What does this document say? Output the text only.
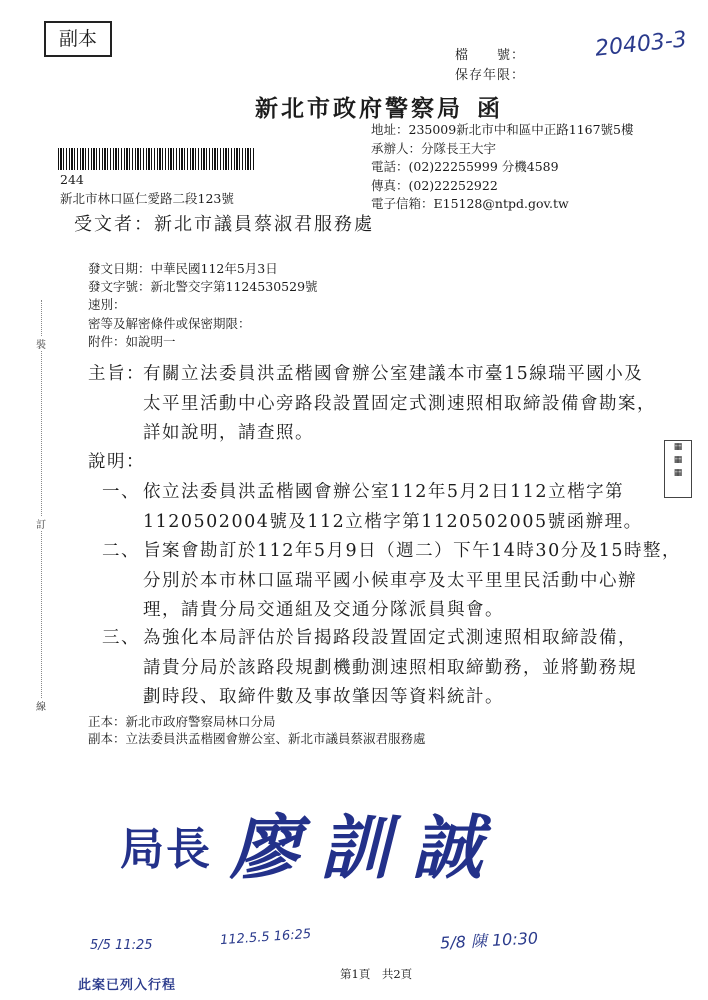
副本
檔　　號：
保存年限：
20403-3
新北市政府警察局 函
地址：235009新北市中和區中正路1167號5樓
承辦人：分隊長王大宇
電話：(02)22255999 分機4589
傳真：(02)22252922
電子信箱：E15128@ntpd.gov.tw
244
新北市林口區仁愛路二段123號
受文者：新北市議員蔡淑君服務處
發文日期：中華民國112年5月3日
發文字號：新北警交字第1124530529號
速別：
密等及解密條件或保密期限：
附件：如說明一
主旨：
有關立法委員洪孟楷國會辦公室建議本市臺15線瑞平國小及
太平里活動中心旁路段設置固定式測速照相取締設備會勘案，
詳如說明，請查照。
說明：
一、 依立法委員洪孟楷國會辦公室112年5月2日112立楷字第
1120502004號及112立楷字第1120502005號函辦理。
二、 旨案會勘訂於112年5月9日（週二）下午14時30分及15時整，
分別於本市林口區瑞平國小候車亭及太平里里民活動中心辦
理，請貴分局交通組及交通分隊派員與會。
三、 為強化本局評估於旨揭路段設置固定式測速照相取締設備，
請貴分局於該路段規劃機動測速照相取締勤務，並將勤務規
劃時段、取締件數及事故肇因等資料統計。
正本：新北市政府警察局林口分局
副本：立法委員洪孟楷國會辦公室、新北市議員蔡淑君服務處
裝
訂
線
▦
▦
▦
局 長 廖 訓 誠
5/5 11:25	112.5.5 16:25	5/8 陳 10:30
第1頁　共2頁
此案已列入行程
